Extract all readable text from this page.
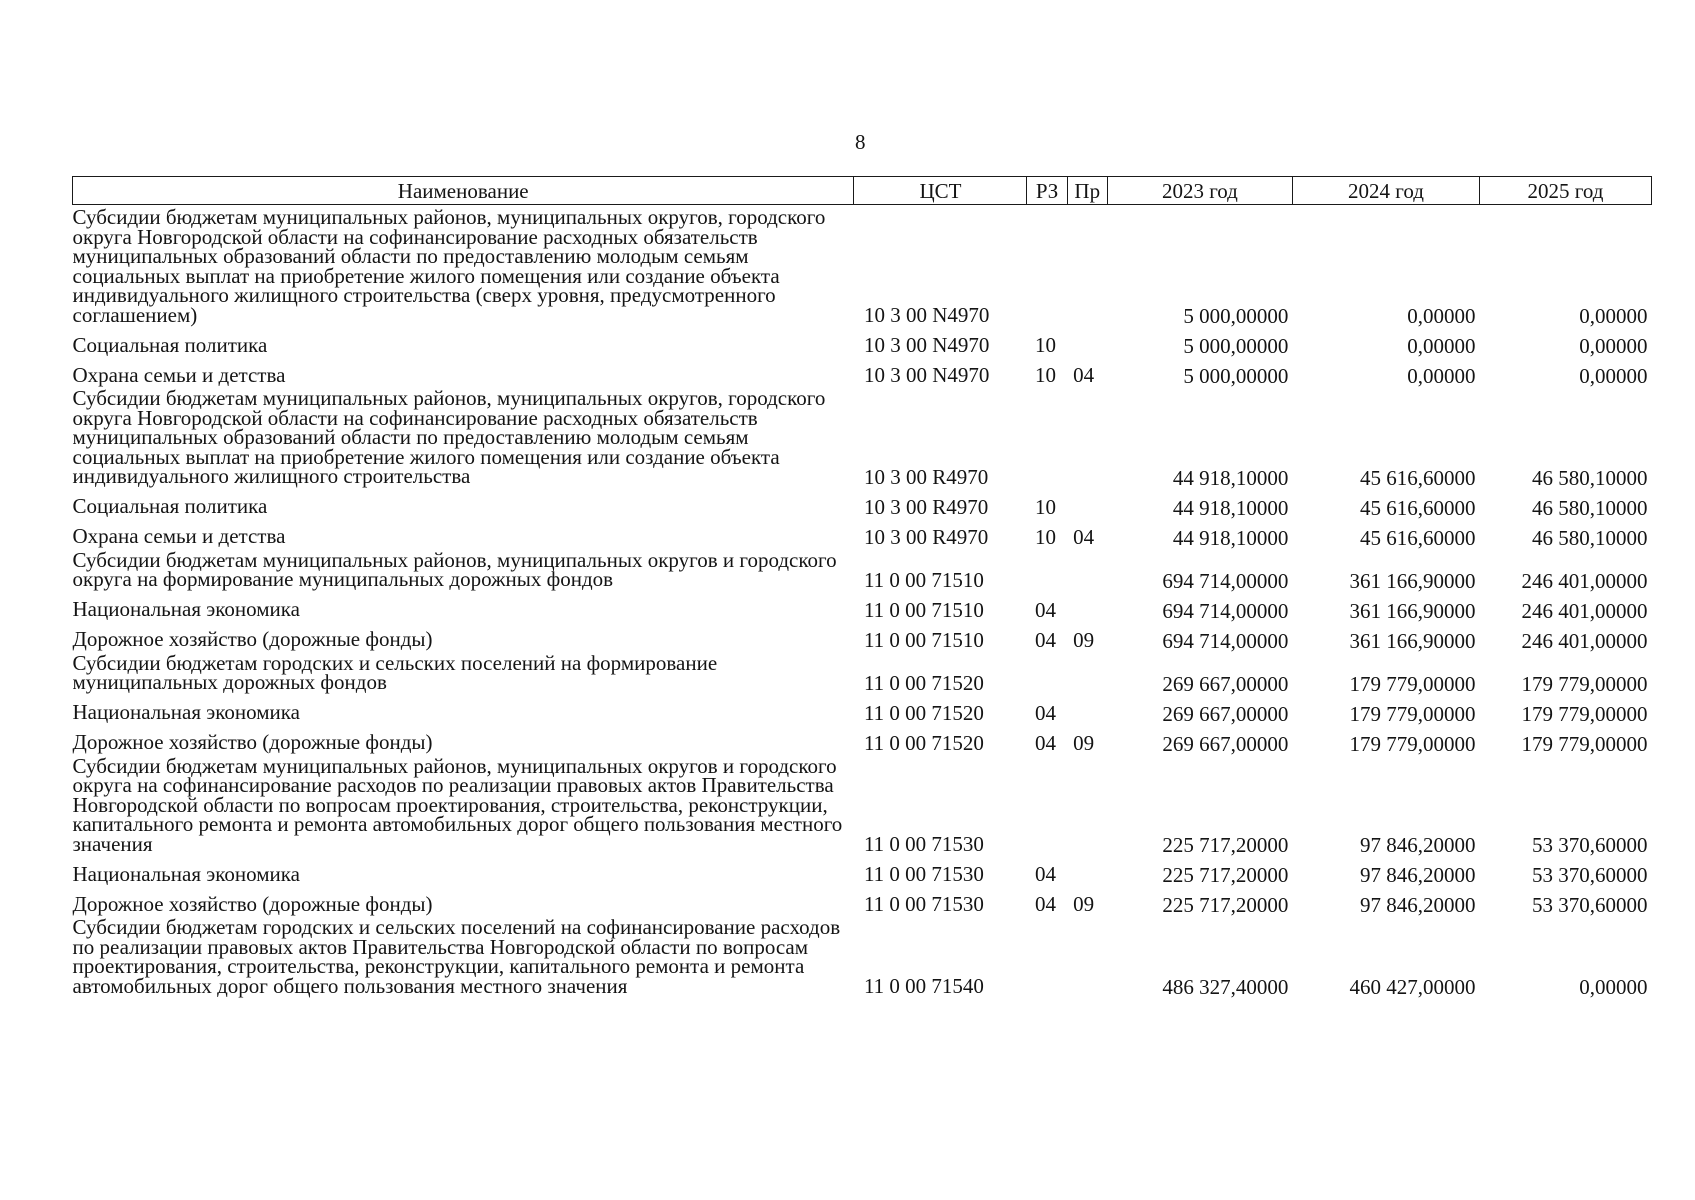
8
Наименование	ЦСТ	РЗ	Пр	2023 год	2024 год	2025 год
Субсидии бюджетам муниципальных районов, муниципальных округов, городского округа Новгородской области на софинансирование расходных обязательств муниципальных образований области по предоставлению молодым семьям социальных выплат на приобретение жилого помещения или создание объекта индивидуального жилищного строительства (сверх уровня, предусмотренного соглашением)	10 3 00 N4970			5 000,00000	0,00000	0,00000
Социальная политика	10 3 00 N4970	10		5 000,00000	0,00000	0,00000
Охрана семьи и детства	10 3 00 N4970	10	04	5 000,00000	0,00000	0,00000
Субсидии бюджетам муниципальных районов, муниципальных округов, городского округа Новгородской области на софинансирование расходных обязательств муниципальных образований области по предоставлению молодым семьям социальных выплат на приобретение жилого помещения или создание объекта индивидуального жилищного строительства	10 3 00 R4970			44 918,10000	45 616,60000	46 580,10000
Социальная политика	10 3 00 R4970	10		44 918,10000	45 616,60000	46 580,10000
Охрана семьи и детства	10 3 00 R4970	10	04	44 918,10000	45 616,60000	46 580,10000
Субсидии бюджетам муниципальных районов, муниципальных округов и городского округа на формирование муниципальных дорожных фондов	11 0 00 71510			694 714,00000	361 166,90000	246 401,00000
Национальная экономика	11 0 00 71510	04		694 714,00000	361 166,90000	246 401,00000
Дорожное хозяйство (дорожные фонды)	11 0 00 71510	04	09	694 714,00000	361 166,90000	246 401,00000
Субсидии бюджетам городских и сельских поселений на формирование муниципальных дорожных фондов	11 0 00 71520			269 667,00000	179 779,00000	179 779,00000
Национальная экономика	11 0 00 71520	04		269 667,00000	179 779,00000	179 779,00000
Дорожное хозяйство (дорожные фонды)	11 0 00 71520	04	09	269 667,00000	179 779,00000	179 779,00000
Субсидии бюджетам муниципальных районов, муниципальных округов и городского округа на софинансирование расходов по реализации правовых актов Правительства Новгородской области по вопросам проектирования, строительства, реконструкции, капитального ремонта и ремонта автомобильных дорог общего пользования местного значения	11 0 00 71530			225 717,20000	97 846,20000	53 370,60000
Национальная экономика	11 0 00 71530	04		225 717,20000	97 846,20000	53 370,60000
Дорожное хозяйство (дорожные фонды)	11 0 00 71530	04	09	225 717,20000	97 846,20000	53 370,60000
Субсидии бюджетам городских и сельских поселений на софинансирование расходов по реализации правовых актов Правительства Новгородской области по вопросам проектирования, строительства, реконструкции, капитального ремонта и ремонта автомобильных дорог общего пользования местного значения	11 0 00 71540			486 327,40000	460 427,00000	0,00000
